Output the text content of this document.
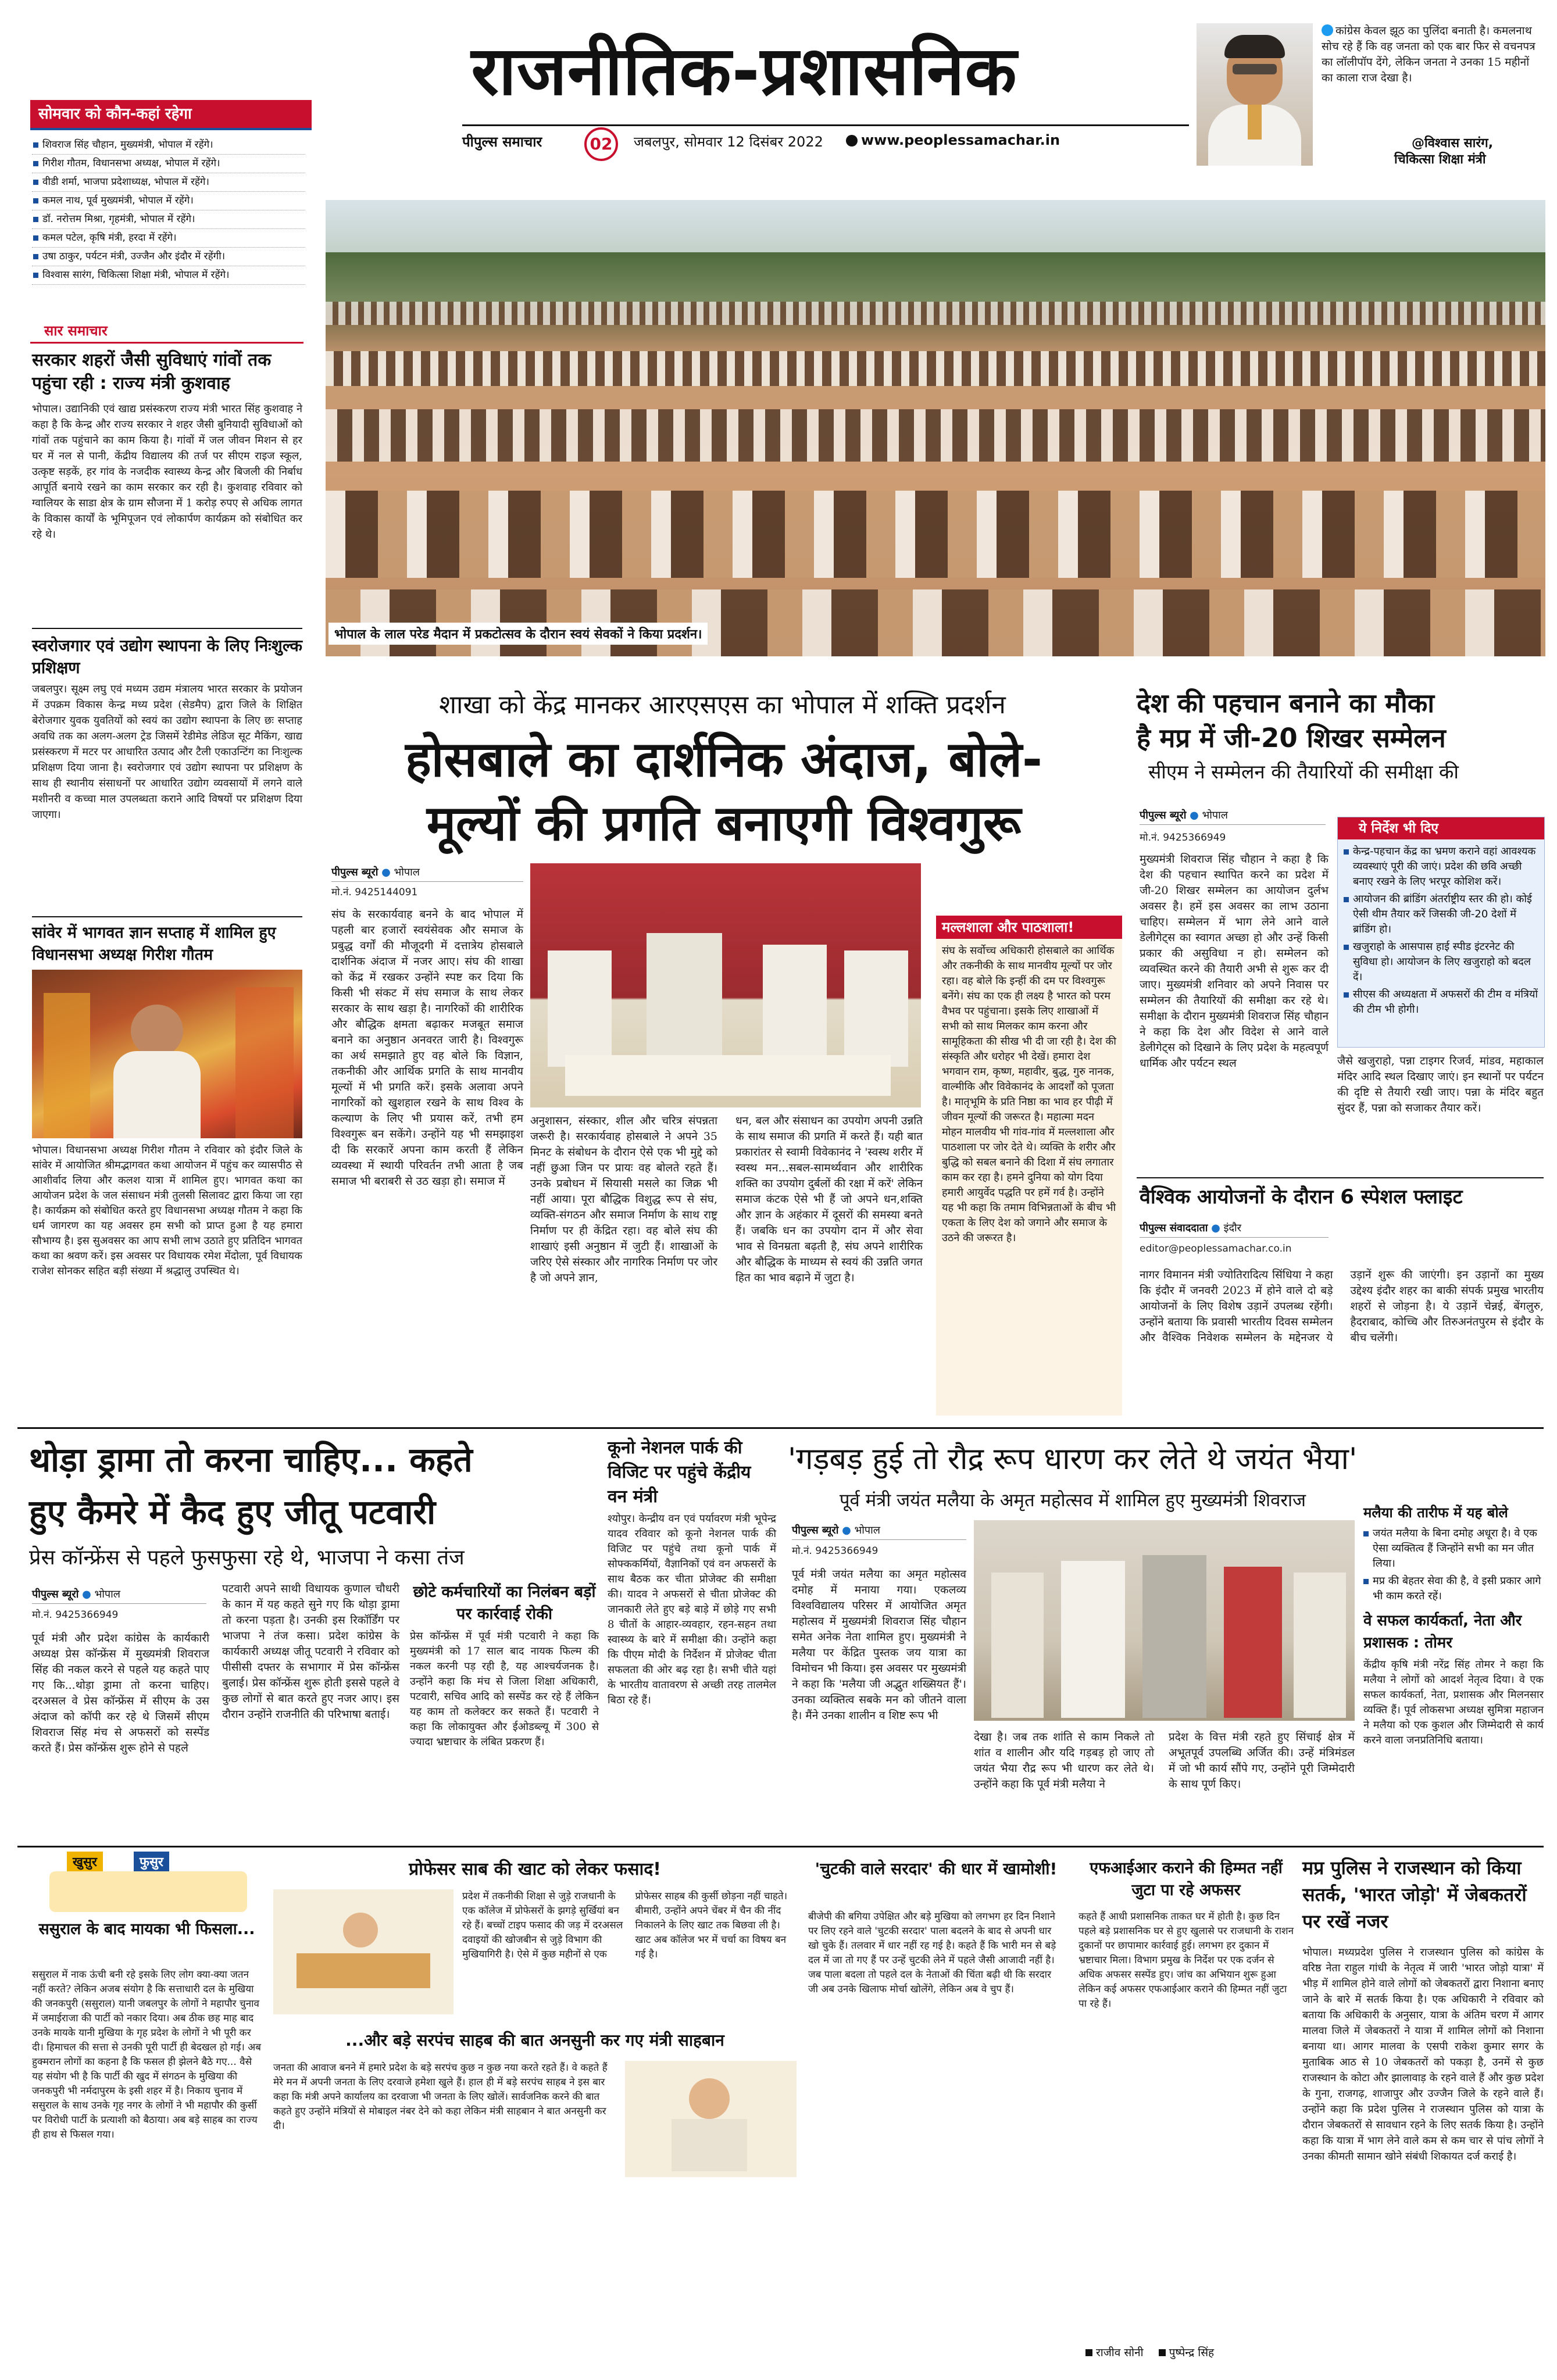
राजनीतिक-प्रशासनिक
पीपुल्स समाचार	02	जबलपुर, सोमवार 12 दिसंबर 2022	www.peoplessamachar.in
कांग्रेस केवल झूठ का पुलिंदा बनाती है। कमलनाथ सोच रहे हैं कि वह जनता को एक बार फिर से वचनपत्र का लॉलीपॉप देंगे, लेकिन जनता ने उनका 15 महीनों का काला राज देखा है।
@विश्वास सारंग,
चिकित्सा शिक्षा मंत्री
सोमवार को कौन-कहां रहेगा
शिवराज सिंह चौहान, मुख्यमंत्री, भोपाल में रहेंगे।
गिरीश गौतम, विधानसभा अध्यक्ष, भोपाल में रहेंगे।
वीडी शर्मा, भाजपा प्रदेशाध्यक्ष, भोपाल में रहेंगे।
कमल नाथ, पूर्व मुख्यमंत्री, भोपाल में रहेंगे।
डॉ. नरोत्तम मिश्रा, गृहमंत्री, भोपाल में रहेंगे।
कमल पटेल, कृषि मंत्री, हरदा में रहेंगे।
उषा ठाकुर, पर्यटन मंत्री, उज्जैन और इंदौर में रहेंगी।
विश्वास सारंग, चिकित्सा शिक्षा मंत्री, भोपाल में रहेंगे।
सार समाचार
सरकार शहरों जैसी सुविधाएं गांवों तक पहुंचा रही : राज्य मंत्री कुशवाह
भोपाल। उद्यानिकी एवं खाद्य प्रसंस्करण राज्य मंत्री भारत सिंह कुशवाह ने कहा है कि केन्द्र और राज्य सरकार ने शहर जैसी बुनियादी सुविधाओं को गांवों तक पहुंचाने का काम किया है। गांवों में जल जीवन मिशन से हर घर में नल से पानी, केंद्रीय विद्यालय की तर्ज पर सीएम राइज स्कूल, उत्कृष्ट सड़कें, हर गांव के नजदीक स्वास्थ्य केन्द्र और बिजली की निर्बाध आपूर्ति बनाये रखने का काम सरकार कर रही है। कुशवाह रविवार को ग्वालियर के साडा क्षेत्र के ग्राम सौजना में 1 करोड़ रुपए से अधिक लागत के विकास कार्यों के भूमिपूजन एवं लोकार्पण कार्यक्रम को संबोधित कर रहे थे।
स्वरोजगार एवं उद्योग स्थापना के लिए निःशुल्क प्रशिक्षण
जबलपुर। सूक्ष्म लघु एवं मध्यम उद्यम मंत्रालय भारत सरकार के प्रयोजन में उपक्रम विकास केन्द्र मध्य प्रदेश (सेडमैप) द्वारा जिले के शिक्षित बेरोजगार युवक युवतियों को स्वयं का उद्योग स्थापना के लिए छः सप्ताह अवधि तक का अलग-अलग ट्रेड जिसमें रेडीमेड लेडिज सूट मैकिंग, खाद्य प्रसंस्करण में मटर पर आधारित उत्पाद और टैली एकाउन्टिंग का निःशुल्क प्रशिक्षण दिया जाना है। स्वरोजगार एवं उद्योग स्थापना पर प्रशिक्षण के साथ ही स्थानीय संसाधनों पर आधारित उद्योग व्यवसायों में लगने वाले मशीनरी व कच्चा माल उपलब्धता कराने आदि विषयों पर प्रशिक्षण दिया जाएगा।
सांवेर में भागवत ज्ञान सप्ताह में शामिल हुए विधानसभा अध्यक्ष गिरीश गौतम
भोपाल। विधानसभा अध्यक्ष गिरीश गौतम ने रविवार को इंदौर जिले के सांवेर में आयोजित श्रीमद्भागवत कथा आयोजन में पहुंच कर व्यासपीठ से आशीर्वाद लिया और कलश यात्रा में शामिल हुए। भागवत कथा का आयोजन प्रदेश के जल संसाधन मंत्री तुलसी सिलावट द्वारा किया जा रहा है। कार्यक्रम को संबोधित करते हुए विधानसभा अध्यक्ष गौतम ने कहा कि धर्म जागरण का यह अवसर हम सभी को प्राप्त हुआ है यह हमारा सौभाग्य है। इस सुअवसर का आप सभी लाभ उठाते हुए प्रतिदिन भागवत कथा का श्रवण करें। इस अवसर पर विधायक रमेश मेंदोला, पूर्व विधायक राजेश सोनकर सहित बड़ी संख्या में श्रद्धालु उपस्थित थे।
भोपाल के लाल परेड मैदान में प्रकटोत्सव के दौरान स्वयं सेवकों ने किया प्रदर्शन।
शाखा को केंद्र मानकर आरएसएस का भोपाल में शक्ति प्रदर्शन
होसबाले का दार्शनिक अंदाज, बोले-
मूल्यों की प्रगति बनाएगी विश्वगुरू
पीपुल्स ब्यूरो ● भोपाल
मो.नं. 9425144091
संघ के सरकार्यवाह बनने के बाद भोपाल में पहली बार हजारों स्वयंसेवक और समाज के प्रबुद्ध वर्गों की मौजूदगी में दत्तात्रेय होसबाले दार्शनिक अंदाज में नजर आए। संघ की शाखा को केंद्र में रखकर उन्होंने स्पष्ट कर दिया कि किसी भी संकट में संघ समाज के साथ लेकर सरकार के साथ खड़ा है। नागरिकों की शारीरिक और बौद्धिक क्षमता बढ़ाकर मजबूत समाज बनाने का अनुष्ठान अनवरत जारी है। विश्वगुरू का अर्थ समझाते हुए वह बोले कि विज्ञान, तकनीकी और आर्थिक प्रगति के साथ मानवीय मूल्यों में भी प्रगति करें। इसके अलावा अपने नागरिकों को खुशहाल रखने के साथ विश्व के कल्याण के लिए भी प्रयास करें, तभी हम विश्वगुरू बन सकेंगे। उन्होंने यह भी समझाइश दी कि सरकारें अपना काम करती हैं लेकिन व्यवस्था में स्थायी परिवर्तन तभी आता है जब समाज भी बराबरी से उठ खड़ा हो। समाज में
अनुशासन, संस्कार, शील और चरित्र संपन्नता जरूरी है। सरकार्यवाह होसबाले ने अपने 35 मिनट के संबोधन के दौरान ऐसे एक भी मुद्दे को नहीं छुआ जिन पर प्रायः वह बोलते रहते हैं। उनके प्रबोधन में सियासी मसले का जिक्र भी नहीं आया। पूरा बौद्धिक विशुद्ध रूप से संघ, व्यक्ति-संगठन और समाज निर्माण के साथ राष्ट्र निर्माण पर ही केंद्रित रहा। वह बोले संघ की शाखाएं इसी अनुष्ठान में जुटी हैं। शाखाओं के जरिए ऐसे संस्कार और नागरिक निर्माण पर जोर है जो अपने ज्ञान,
धन, बल और संसाधन का उपयोग अपनी उन्नति के साथ समाज की प्रगति में करते हैं। यही बात प्रकारांतर से स्वामी विवेकानंद ने 'स्वस्थ शरीर में स्वस्थ मन...सबल-सामर्थ्यवान और शारीरिक शक्ति का उपयोग दुर्बलों की रक्षा में करें' लेकिन समाज कंटक ऐसे भी हैं जो अपने धन,शक्ति और ज्ञान के अहंकार में दूसरों की समस्या बनते हैं। जबकि धन का उपयोग दान में और सेवा भाव से विनम्रता बढ़ती है, संघ अपने शारीरिक और बौद्धिक के माध्यम से स्वयं की उन्नति जगत हित का भाव बढ़ाने में जुटा है।
मल्लशाला और पाठशाला!
संघ के सर्वोच्च अधिकारी होसबाले का आर्थिक और तकनीकी के साथ मानवीय मूल्यों पर जोर रहा। वह बोले कि इन्हीं की दम पर विश्वगुरू बनेंगे। संघ का एक ही लक्ष्य है भारत को परम वैभव पर पहुंचाना। इसके लिए शाखाओं में सभी को साथ मिलकर काम करना और सामूहिकता की सीख भी दी जा रही है। देश की संस्कृति और धरोहर भी देखें। हमारा देश भगवान राम, कृष्ण, महावीर, बुद्ध, गुरु नानक, वाल्मीकि और विवेकानंद के आदर्शों को पूजता है। मातृभूमि के प्रति निष्ठा का भाव हर पीढ़ी में जीवन मूल्यों की जरूरत है। महात्मा मदन मोहन मालवीय भी गांव-गांव में मल्लशाला और पाठशाला पर जोर देते थे। व्यक्ति के शरीर और बुद्धि को सबल बनाने की दिशा में संघ लगातार काम कर रहा है। हमने दुनिया को योग दिया हमारी आयुर्वेद पद्धति पर हमें गर्व है। उन्होंने यह भी कहा कि तमाम विभिन्नताओं के बीच भी एकता के लिए देश को जगाने और समाज के उठने की जरूरत है।
देश की पहचान बनाने का मौका
है मप्र में जी-20 शिखर सम्मेलन
सीएम ने सम्मेलन की तैयारियों की समीक्षा की
पीपुल्स ब्यूरो ● भोपाल
मो.नं. 9425366949
मुख्यमंत्री शिवराज सिंह चौहान ने कहा है कि देश की पहचान स्थापित करने का प्रदेश में जी-20 शिखर सम्मेलन का आयोजन दुर्लभ अवसर है। हमें इस अवसर का लाभ उठाना चाहिए। सम्मेलन में भाग लेने आने वाले डेलीगेट्स का स्वागत अच्छा हो और उन्हें किसी प्रकार की असुविधा न हो। सम्मेलन को व्यवस्थित करने की तैयारी अभी से शुरू कर दी जाए। मुख्यमंत्री शनिवार को अपने निवास पर सम्मेलन की तैयारियों की समीक्षा कर रहे थे। समीक्षा के दौरान मुख्यमंत्री शिवराज सिंह चौहान ने कहा कि देश और विदेश से आने वाले डेलीगेट्स को दिखाने के लिए प्रदेश के महत्वपूर्ण धार्मिक और पर्यटन स्थल
ये निर्देश भी दिए
केन्द्र-पहचान केंद्र का भ्रमण कराने वहां आवश्यक व्यवस्थाएं पूरी की जाएं। प्रदेश की छवि अच्छी बनाए रखने के लिए भरपूर कोशिश करें।
आयोजन की ब्रांडिंग अंतर्राष्ट्रीय स्तर की हो। कोई ऐसी थीम तैयार करें जिसकी जी-20 देशों में ब्रांडिंग हो।
खजुराहो के आसपास हाई स्पीड इंटरनेट की सुविधा हो। आयोजन के लिए खजुराहो को बदल दें।
सीएस की अध्यक्षता में अफसरों की टीम व मंत्रियों की टीम भी होगी।
जैसे खजुराहो, पन्ना टाइगर रिजर्व, मांडव, महाकाल मंदिर आदि स्थल दिखाए जाएं। इन स्थानों पर पर्यटन की दृष्टि से तैयारी रखी जाए। पन्ना के मंदिर बहुत सुंदर हैं, पन्ना को सजाकर तैयार करें।
वैश्विक आयोजनों के दौरान 6 स्पेशल फ्लाइट
पीपुल्स संवाददाता ● इंदौर
editor@peoplessamachar.co.in
नागर विमानन मंत्री ज्योतिरादित्य सिंधिया ने कहा कि इंदौर में जनवरी 2023 में होने वाले दो बड़े आयोजनों के लिए विशेष उड़ानें उपलब्ध रहेंगी। उन्होंने बताया कि प्रवासी भारतीय दिवस सम्मेलन और वैश्विक निवेशक सम्मेलन के मद्देनजर ये उड़ानें शुरू की जाएंगी। इन उड़ानों का मुख्य उद्देश्य इंदौर शहर का बाकी संपर्क प्रमुख भारतीय शहरों से जोड़ना है। ये उड़ानें चेन्नई, बेंगलुरु, हैदराबाद, कोच्चि और तिरुअनंतपुरम से इंदौर के बीच चलेंगी।
थोड़ा ड्रामा तो करना चाहिए... कहते
हुए कैमरे में कैद हुए जीतू पटवारी
प्रेस कॉन्फ्रेंस से पहले फुसफुसा रहे थे, भाजपा ने कसा तंज
पीपुल्स ब्यूरो ● भोपाल
मो.नं. 9425366949
पूर्व मंत्री और प्रदेश कांग्रेस के कार्यकारी अध्यक्ष प्रेस कॉन्फ्रेंस में मुख्यमंत्री शिवराज सिंह की नकल करने से पहले यह कहते पाए गए कि...थोड़ा ड्रामा तो करना चाहिए। दरअसल वे प्रेस कॉन्फ्रेंस में सीएम के उस अंदाज को कॉपी कर रहे थे जिसमें सीएम शिवराज सिंह मंच से अफसरों को सस्पेंड करते हैं। प्रेस कॉन्फ्रेंस शुरू होने से पहले
पटवारी अपने साथी विधायक कुणाल चौधरी के कान में यह कहते सुने गए कि थोड़ा ड्रामा तो करना पड़ता है। उनकी इस रिकॉर्डिंग पर भाजपा ने तंज कसा। प्रदेश कांग्रेस के कार्यकारी अध्यक्ष जीतू पटवारी ने रविवार को पीसीसी दफ्तर के सभागार में प्रेस कॉन्फ्रेंस बुलाई। प्रेस कॉन्फ्रेंस शुरू होती इससे पहले वे कुछ लोगों से बात करते हुए नजर आए। इस दौरान उन्होंने राजनीति की परिभाषा बताई।
छोटे कर्मचारियों का निलंबन बड़ों पर कार्रवाई रोकी
प्रेस कॉन्फ्रेंस में पूर्व मंत्री पटवारी ने कहा कि मुख्यमंत्री को 17 साल बाद नायक फिल्म की नकल करनी पड़ रही है, यह आश्चर्यजनक है। उन्होंने कहा कि मंच से जिला शिक्षा अधिकारी, पटवारी, सचिव आदि को सस्पेंड कर रहे हैं लेकिन यह काम तो कलेक्टर कर सकते हैं। पटवारी ने कहा कि लोकायुक्त और ईओडब्ल्यू में 300 से ज्यादा भ्रष्टाचार के लंबित प्रकरण हैं।
कूनो नेशनल पार्क की विजिट पर पहुंचे केंद्रीय वन मंत्री
श्योपुर। केन्द्रीय वन एवं पर्यावरण मंत्री भूपेन्द्र यादव रविवार को कूनो नेशनल पार्क की विजिट पर पहुंचे तथा कूनो पार्क में सोफ्ककर्मियों, वैज्ञानिकों एवं वन अफसरों के साथ बैठक कर चीता प्रोजेक्ट की समीक्षा की। यादव ने अफसरों से चीता प्रोजेक्ट की जानकारी लेते हुए बड़े बाड़े में छोड़े गए सभी 8 चीतों के आहार-व्यवहार, रहन-सहन तथा स्वास्थ्य के बारे में समीक्षा की। उन्होंने कहा कि पीएम मोदी के निर्देशन में प्रोजेक्ट चीता सफलता की ओर बढ़ रहा है। सभी चीते यहां के भारतीय वातावरण से अच्छी तरह तालमेल बिठा रहे हैं।
'गड़बड़ हुई तो रौद्र रूप धारण कर लेते थे जयंत भैया'
पूर्व मंत्री जयंत मलैया के अमृत महोत्सव में शामिल हुए मुख्यमंत्री शिवराज
पीपुल्स ब्यूरो ● भोपाल
मो.नं. 9425366949
पूर्व मंत्री जयंत मलैया का अमृत महोत्सव दमोह में मनाया गया। एकलव्य विश्वविद्यालय परिसर में आयोजित अमृत महोत्सव में मुख्यमंत्री शिवराज सिंह चौहान समेत अनेक नेता शामिल हुए। मुख्यमंत्री ने मलैया पर केंद्रित पुस्तक जय यात्रा का विमोचन भी किया। इस अवसर पर मुख्यमंत्री ने कहा कि 'मलैया जी अद्भुत शख्सियत हैं'। उनका व्यक्तित्व सबके मन को जीतने वाला है। मैंने उनका शालीन व शिष्ट रूप भी
देखा है। जब तक शांति से काम निकले तो शांत व शालीन और यदि गड़बड़ हो जाए तो जयंत भैया रौद्र रूप भी धारण कर लेते थे। उन्होंने कहा कि पूर्व मंत्री मलैया ने
प्रदेश के वित्त मंत्री रहते हुए सिंचाई क्षेत्र में अभूतपूर्व उपलब्धि अर्जित की। उन्हें मंत्रिमंडल में जो भी कार्य सौंपे गए, उन्होंने पूरी जिम्मेदारी के साथ पूर्ण किए।
मलैया की तारीफ में यह बोले
जयंत मलैया के बिना दमोह अधूरा है। वे एक ऐसा व्यक्तित्व हैं जिन्होंने सभी का मन जीत लिया।
मप्र की बेहतर सेवा की है, वे इसी प्रकार आगे भी काम करते रहें।
वे सफल कार्यकर्ता, नेता और प्रशासक : तोमर
केंद्रीय कृषि मंत्री नरेंद्र सिंह तोमर ने कहा कि मलैया ने लोगों को आदर्श नेतृत्व दिया। वे एक सफल कार्यकर्ता, नेता, प्रशासक और मिलनसार व्यक्ति हैं। पूर्व लोकसभा अध्यक्ष सुमित्रा महाजन ने मलैया को एक कुशल और जिम्मेदारी से कार्य करने वाला जनप्रतिनिधि बताया।
खुसुर	फुसुर
ससुराल के बाद मायका भी फिसला...
ससुराल में नाक ऊंची बनी रहे इसके लिए लोग क्या-क्या जतन नहीं करते? लेकिन अजब संयोग है कि सत्ताधारी दल के मुखिया की जनकपुरी (ससुराल) यानी जबलपुर के लोगों ने महापौर चुनाव में जमाईराजा की पार्टी को नकार दिया। अब ठीक छह माह बाद उनके मायके यानी मुखिया के गृह प्रदेश के लोगों ने भी पूरी कर दी। हिमाचल की सत्ता से उनकी पूरी पार्टी ही बेदखल हो गई। अब हुक्मरान लोगों का कहना है कि फसल ही झेलने बैठे गए... वैसे यह संयोग भी है कि पार्टी की खुद में संगठन के मुखिया की जनकपुरी भी नर्मदापुरम के इसी शहर में है। निकाय चुनाव में ससुराल के साथ उनके गृह नगर के लोगों ने भी महापौर की कुर्सी पर विरोधी पार्टी के प्रत्याशी को बैठाया। अब बड़े साहब का राज्य ही हाथ से फिसल गया।
प्रोफेसर साब की खाट को लेकर फसाद!
प्रदेश में तकनीकी शिक्षा से जुड़े राजधानी के एक कॉलेज में प्रोफेसरों के झगड़े सुर्खियां बन रहे हैं। बच्चों टाइप फसाद की जड़ में दरअसल दवाइयों की खोजबीन से जुड़े विभाग की मुखियागिरी है। ऐसे में कुछ महीनों से एक प्रोफेसर साहब की कुर्सी छोड़ना नहीं चाहते। बीमारी, उन्होंने अपने चेंबर में चैन की नींद निकालने के लिए खाट तक बिछवा ली है। खाट अब कॉलेज भर में चर्चा का विषय बन गई है।
...और बड़े सरपंच साहब की बात अनसुनी कर गए मंत्री साहबान
जनता की आवाज बनने में हमारे प्रदेश के बड़े सरपंच कुछ न कुछ नया करते रहते हैं। वे कहते हैं मेरे मन में अपनी जनता के लिए दरवाजे हमेशा खुले हैं। हाल ही में बड़े सरपंच साहब ने इस बार कहा कि मंत्री अपने कार्यालय का दरवाजा भी जनता के लिए खोलें। सार्वजनिक करने की बात कहते हुए उन्होंने मंत्रियों से मोबाइल नंबर देने को कहा लेकिन मंत्री साहबान ने बात अनसुनी कर दी।
'चुटकी वाले सरदार' की धार में खामोशी!
बीजेपी की बगिया उपेक्षित और बड़े मुखिया को लगभग हर दिन निशाने पर लिए रहने वाले 'चुटकी सरदार' पाला बदलने के बाद से अपनी धार खो चुके हैं। तलवार में धार नहीं रह गई है। कहते हैं कि भारी मन से बड़े दल में जा तो गए हैं पर उन्हें चुटकी लेने में पहले जैसी आजादी नहीं है। जब पाला बदला तो पहले दल के नेताओं की चिंता बढ़ी थी कि सरदार जी अब उनके खिलाफ मोर्चा खोलेंगे, लेकिन अब वे चुप हैं।
एफआईआर कराने की हिम्मत नहीं जुटा पा रहे अफसर
कहते हैं आधी प्रशासनिक ताकत घर में होती है। कुछ दिन पहले बड़े प्रशासनिक घर से हुए खुलासे पर राजधानी के राशन दुकानों पर छापामार कार्रवाई हुई। लगभग हर दुकान में भ्रष्टाचार मिला। विभाग प्रमुख के निर्देश पर एक दर्जन से अधिक अफसर सस्पेंड हुए। जांच का अभियान शुरू हुआ लेकिन कई अफसर एफआईआर कराने की हिम्मत नहीं जुटा पा रहे हैं।
राजीव सोनी पुष्पेन्द्र सिंह
मप्र पुलिस ने राजस्थान को किया सतर्क, 'भारत जोड़ो' में जेबकतरों पर रखें नजर
भोपाल। मध्यप्रदेश पुलिस ने राजस्थान पुलिस को कांग्रेस के वरिष्ठ नेता राहुल गांधी के नेतृत्व में जारी 'भारत जोड़ो यात्रा' में भीड़ में शामिल होने वाले लोगों को जेबकतरों द्वारा निशाना बनाए जाने के बारे में सतर्क किया है। एक अधिकारी ने रविवार को बताया कि अधिकारी के अनुसार, यात्रा के अंतिम चरण में आगर मालवा जिले में जेबकतरों ने यात्रा में शामिल लोगों को निशाना बनाया था। आगर मालवा के एसपी राकेश कुमार सगर के मुताबिक आठ से 10 जेबकतरों को पकड़ा है, उनमें से कुछ राजस्थान के कोटा और झालावाड़ के रहने वाले हैं और कुछ प्रदेश के गुना, राजगढ़, शाजापुर और उज्जैन जिले के रहने वाले हैं। उन्होंने कहा कि प्रदेश पुलिस ने राजस्थान पुलिस को यात्रा के दौरान जेबकतरों से सावधान रहने के लिए सतर्क किया है। उन्होंने कहा कि यात्रा में भाग लेने वाले कम से कम चार से पांच लोगों ने उनका कीमती सामान खोने संबंधी शिकायत दर्ज कराई है।
